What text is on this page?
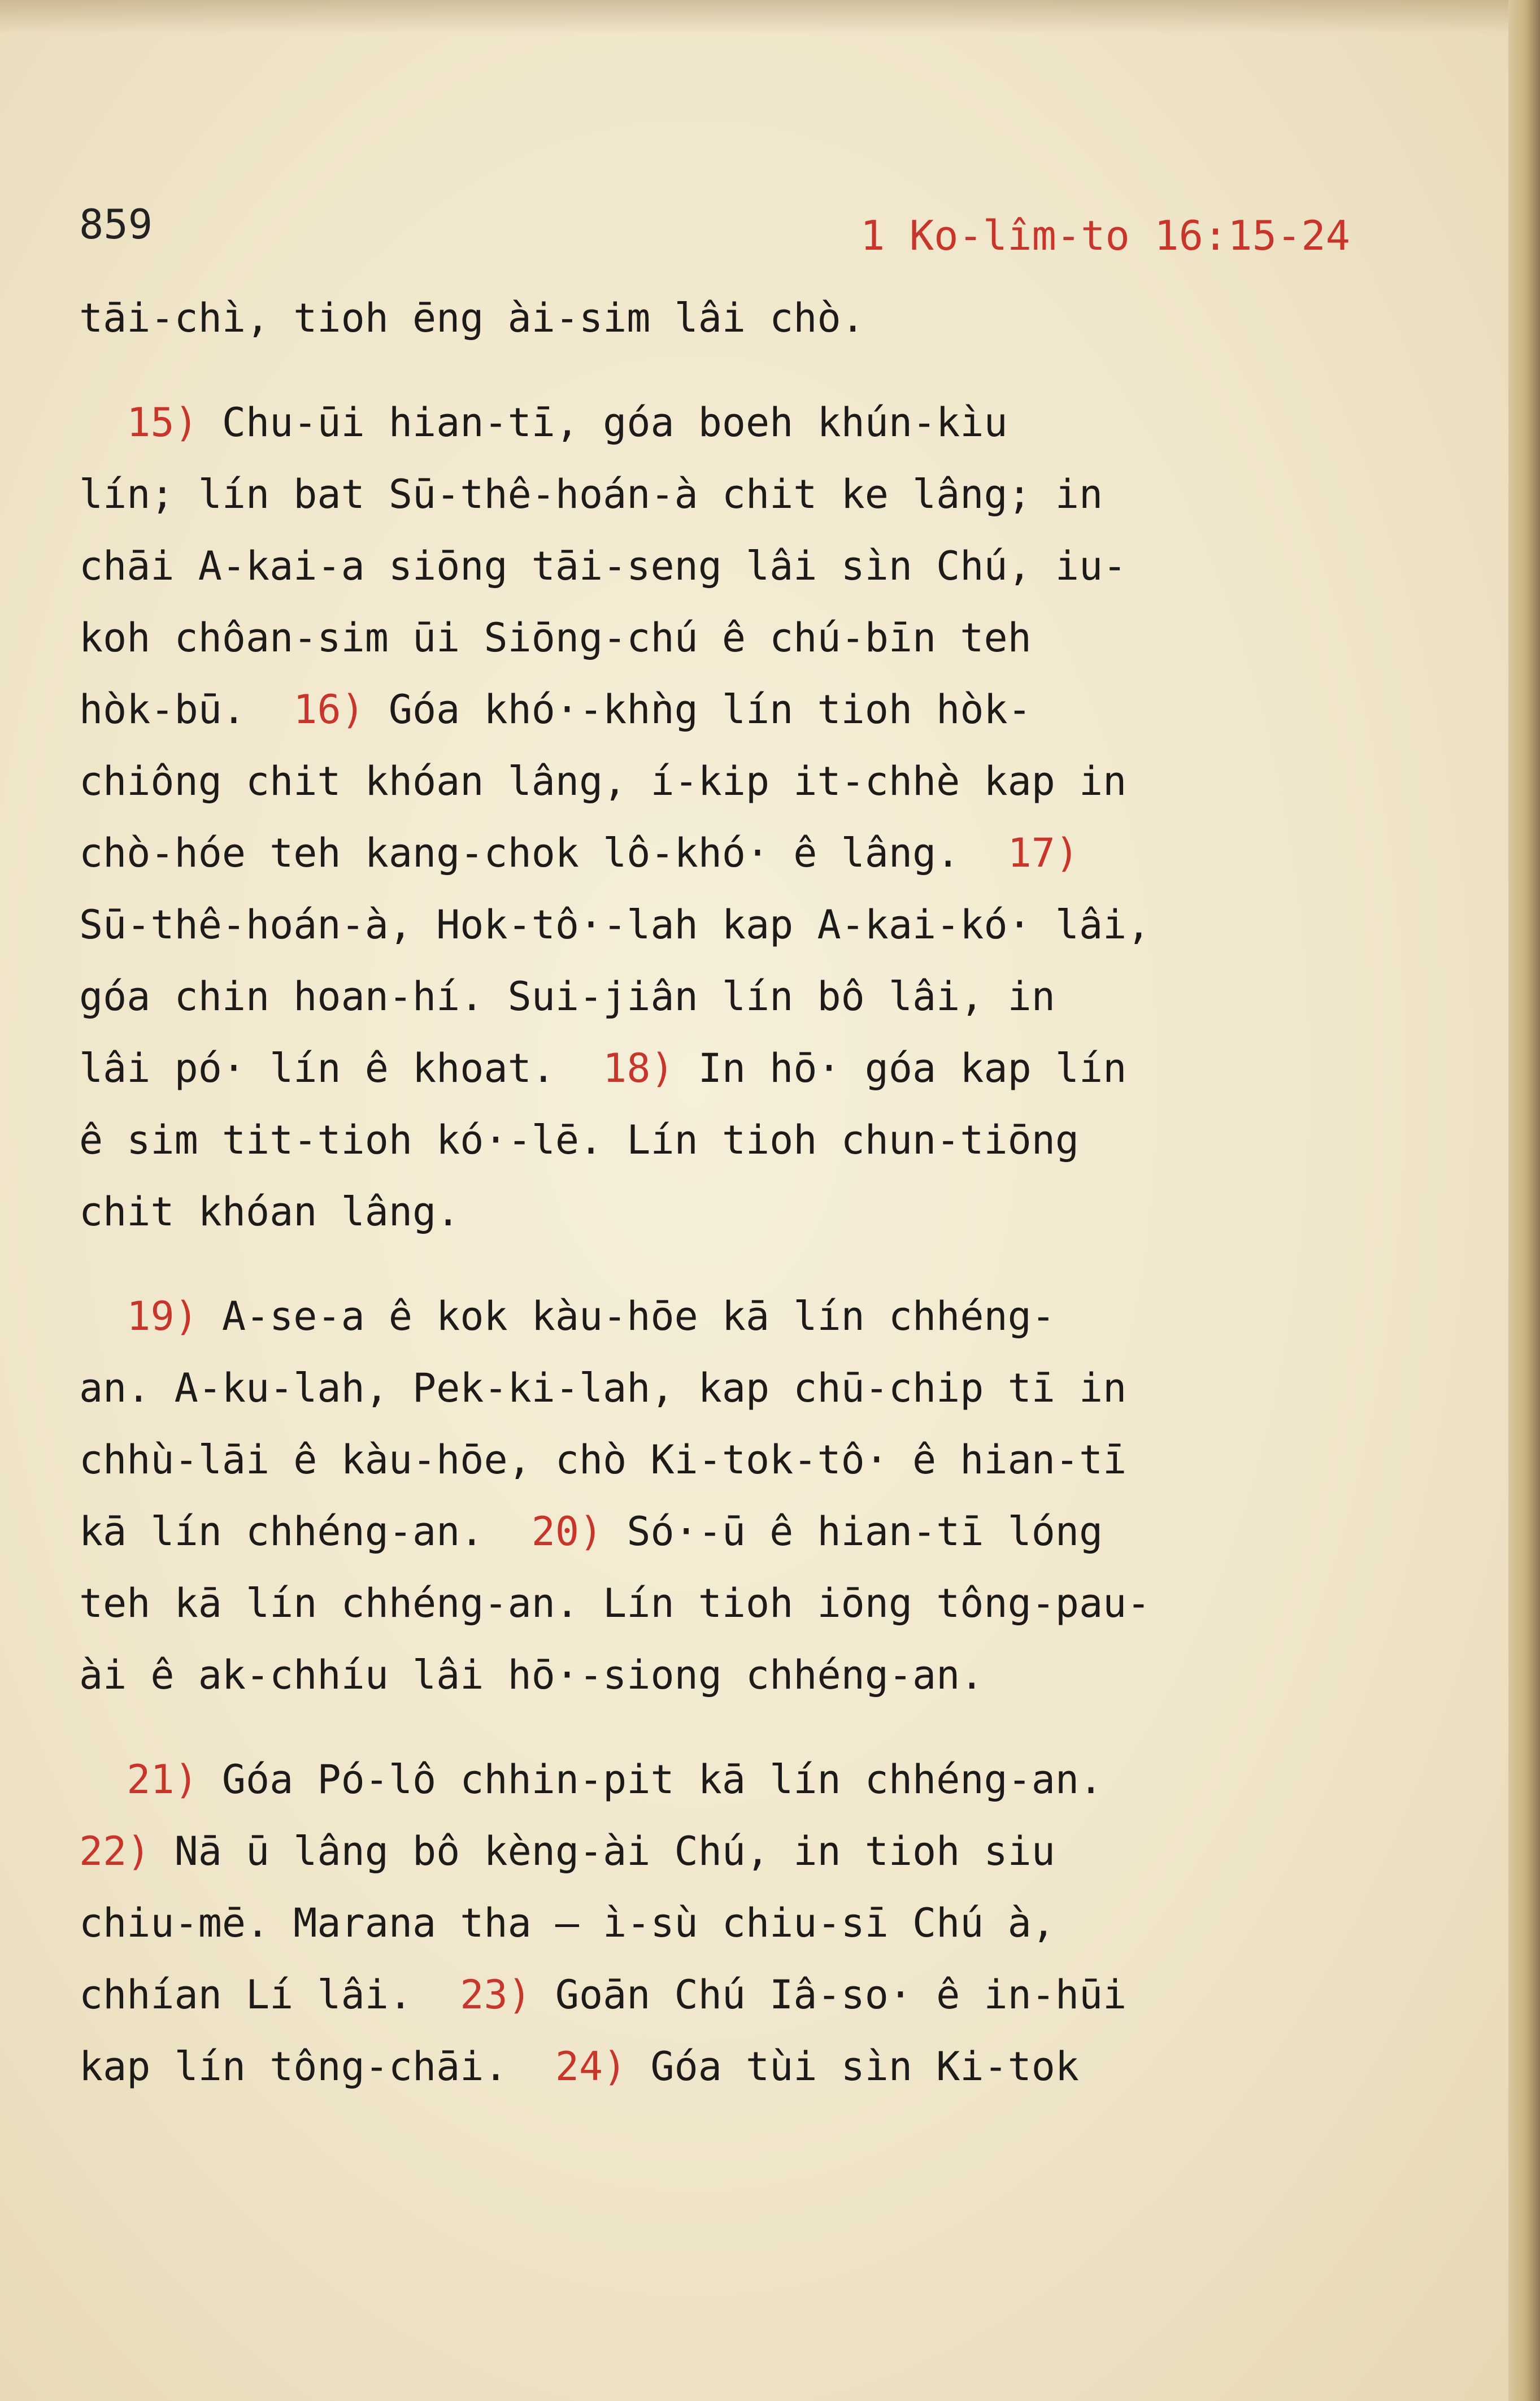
859	1 Ko-lîm-to 16:15-24
tāi-chì, tioh ēng ài-sim lâi chò.
15) Chu-ūi hian-tī, góa boeh khún-kìu
lín; lín bat Sū-thê-hoán-à chit ke lâng; in
chāi A-kai-a siōng tāi-seng lâi sìn Chú, iu-
koh chôan-sim ūi Siōng-chú ê chú-bīn teh
hòk-bū.  16) Góa khó·-khǹg lín tioh hòk-
chiông chit khóan lâng, í-kip it-chhè kap in
chò-hóe teh kang-chok lô-khó· ê lâng.  17)
Sū-thê-hoán-à, Hok-tô·-lah kap A-kai-kó· lâi,
góa chin hoan-hí. Sui-jiân lín bô lâi, in
lâi pó· lín ê khoat.  18) In hō· góa kap lín
ê sim tit-tioh kó·-lē. Lín tioh chun-tiōng
chit khóan lâng.
19) A-se-a ê kok kàu-hōe kā lín chhéng-
an. A-ku-lah, Pek-ki-lah, kap chū-chip tī in
chhù-lāi ê kàu-hōe, chò Ki-tok-tô· ê hian-tī
kā lín chhéng-an.  20) Só·-ū ê hian-tī lóng
teh kā lín chhéng-an. Lín tioh iōng tông-pau-
ài ê ak-chhíu lâi hō·-siong chhéng-an.
21) Góa Pó-lô chhin-pit kā lín chhéng-an.
22) Nā ū lâng bô kèng-ài Chú, in tioh siu
chiu-mē. Marana tha — ì-sù chiu-sī Chú à,
chhían Lí lâi.  23) Goān Chú Iâ-so· ê in-hūi
kap lín tông-chāi.  24) Góa tùi sìn Ki-tok
